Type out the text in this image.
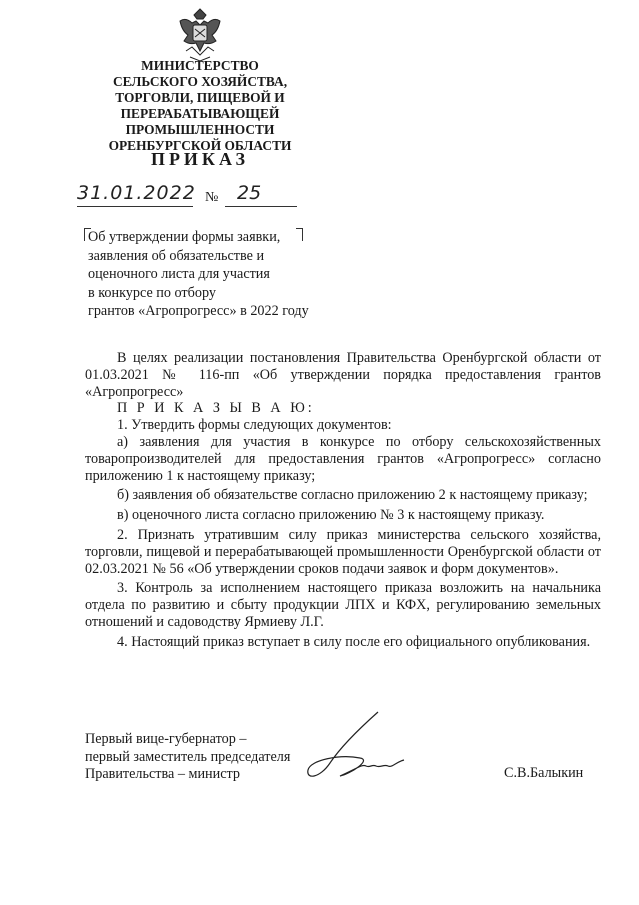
МИНИСТЕРСТВО
СЕЛЬСКОГО ХОЗЯЙСТВА,
ТОРГОВЛИ, ПИЩЕВОЙ И
ПЕРЕРАБАТЫВАЮЩЕЙ
ПРОМЫШЛЕННОСТИ
ОРЕНБУРГСКОЙ ОБЛАСТИ
ПРИКАЗ
31.01.2022 № 25
Об утверждении формы заявки,
заявления об обязательстве и
оценочного листа для участия
в конкурсе по отбору
грантов «Агропрогресс» в 2022 году

В целях реализации постановления Правительства Оренбургской области от 01.03.2021 № 116-пп «Об утверждении порядка предоставления грантов «Агропрогресс»

П Р И К А З Ы В А Ю:

1. Утвердить формы следующих документов:

а) заявления для участия в конкурсе по отбору сельскохозяйственных товаропроизводителей для предоставления грантов «Агропрогресс» согласно приложению 1 к настоящему приказу;

б) заявления об обязательстве согласно приложению 2 к настоящему приказу;

в) оценочного листа согласно приложению № 3 к настоящему приказу.

2. Признать утратившим силу приказ министерства сельского хозяйства, торговли, пищевой и перерабатывающей промышленности Оренбургской области от 02.03.2021 № 56 «Об утверждении сроков подачи заявок и форм документов».

3. Контроль за исполнением настоящего приказа возложить на начальника отдела по развитию и сбыту продукции ЛПХ и КФХ, регулированию земельных отношений и садоводству Ярмиеву Л.Г.

4. Настоящий приказ вступает в силу после его официального опубликования.

Первый вице-губернатор –
первый заместитель председателя
Правительства – министр	С.В.Балыкин
